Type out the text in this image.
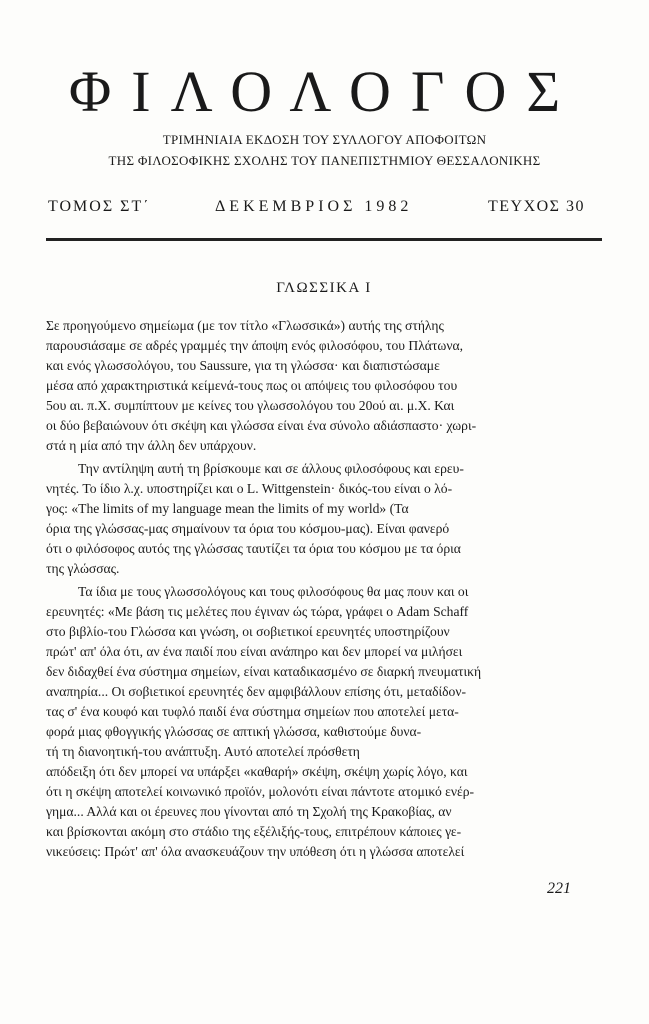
ΦΙΛΟΛΟΓΟΣ
ΤΡΙΜΗΝΙΑΙΑ ΕΚΔΟΣΗ ΤΟΥ ΣΥΛΛΟΓΟΥ ΑΠΟΦΟΙΤΩΝ
ΤΗΣ ΦΙΛΟΣΟΦΙΚΗΣ ΣΧΟΛΗΣ ΤΟΥ ΠΑΝΕΠΙΣΤΗΜΙΟΥ ΘΕΣΣΑΛΟΝΙΚΗΣ
ΤΟΜΟΣ ΣΤ΄	ΔΕΚΕΜΒΡΙΟΣ 1982	ΤΕΥΧΟΣ 30
ΓΛΩΣΣΙΚΑ Ι
Σε προηγούμενο σημείωμα (με τον τίτλο «Γλωσσικά») αυτής της στήλης
παρουσιάσαμε σε αδρές γραμμές την άποψη ενός φιλοσόφου, του Πλάτωνα,
και ενός γλωσσολόγου, του Saussure, για τη γλώσσα· και διαπιστώσαμε
μέσα από χαρακτηριστικά κείμενά-τους πως οι απόψεις του φιλοσόφου του
5ου αι. π.Χ. συμπίπτουν με κείνες του γλωσσολόγου του 20ού αι. μ.Χ. Και
οι δύο βεβαιώνουν ότι σκέψη και γλώσσα είναι ένα σύνολο αδιάσπαστο· χωρι-
στά η μία από την άλλη δεν υπάρχουν.
Την αντίληψη αυτή τη βρίσκουμε και σε άλλους φιλοσόφους και ερευ-
νητές. Το ίδιο λ.χ. υποστηρίζει και ο L. Wittgenstein· δικός-του είναι ο λό-
γος: «The limits of my language mean the limits of my world» (Τα
όρια της γλώσσας-μας σημαίνουν τα όρια του κόσμου-μας). Είναι φανερό
ότι ο φιλόσοφος αυτός της γλώσσας ταυτίζει τα όρια του κόσμου με τα όρια
της γλώσσας.
Τα ίδια με τους γλωσσολόγους και τους φιλοσόφους θα μας πουν και οι
ερευνητές: «Με βάση τις μελέτες που έγιναν ώς τώρα, γράφει ο Adam Schaff
στο βιβλίο-του Γλώσσα και γνώση, οι σοβιετικοί ερευνητές υποστηρίζουν
πρώτ' απ' όλα ότι, αν ένα παιδί που είναι ανάπηρο και δεν μπορεί να μιλήσει
δεν διδαχθεί ένα σύστημα σημείων, είναι καταδικασμένο σε διαρκή πνευματική
αναπηρία... Οι σοβιετικοί ερευνητές δεν αμφιβάλλουν επίσης ότι, μεταδίδον-
τας σ' ένα κουφό και τυφλό παιδί ένα σύστημα σημείων που αποτελεί μετα-
φορά μιας φθογγικής γλώσσας σε απτική γλώσσα, καθιστούμε δυνα-
τή τη διανοητική-του ανάπτυξη. Αυτό αποτελεί πρόσθετη
απόδειξη ότι δεν μπορεί να υπάρξει «καθαρή» σκέψη, σκέψη χωρίς λόγο, και
ότι η σκέψη αποτελεί κοινωνικό προϊόν, μολονότι είναι πάντοτε ατομικό ενέρ-
γημα... Αλλά και οι έρευνες που γίνονται από τη Σχολή της Κρακοβίας, αν
και βρίσκονται ακόμη στο στάδιο της εξέλιξής-τους, επιτρέπουν κάποιες γε-
νικεύσεις: Πρώτ' απ' όλα ανασκευάζουν την υπόθεση ότι η γλώσσα αποτελεί
221
